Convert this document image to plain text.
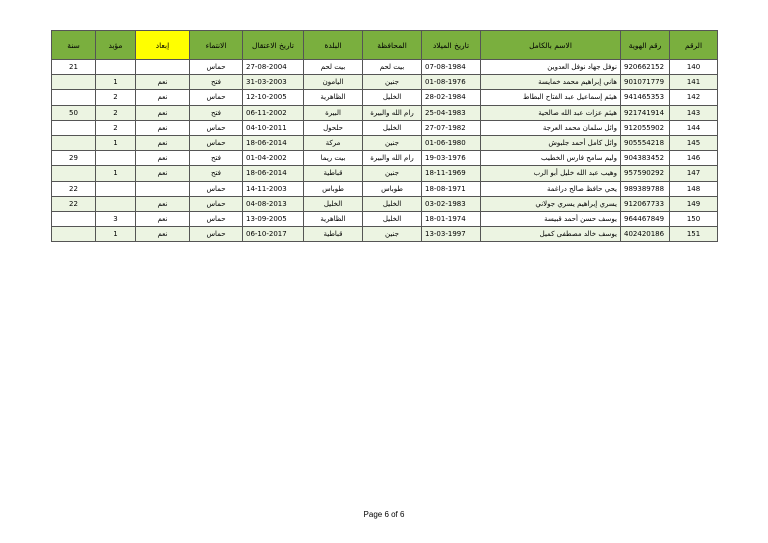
الرقم	رقم الهوية	الاسم بالكامل	تاريخ الميلاد	المحافظة	البلدة	تاريخ الاعتقال	الانتماء	إبعاد	مؤبد	سنة
140	920662152	نوفل جهاد نوفل العدوين	07-08-1984	بيت لحم	بيت لحم	27-08-2004	حماس			21
141	901071779	هاني إبراهيم محمد خمايسة	01-08-1976	جنين	اليامون	31-03-2003	فتح	نعم	1	
142	941465353	هيثم إسماعيل عبد الفتاح البطاط	28-02-1984	الخليل	الظاهرية	12-10-2005	حماس	نعم	2	
143	921741914	هيثم عزات عبد الله صالحية	25-04-1983	رام الله والبيرة	البيرة	06-11-2002	فتح	نعم	2	50
144	912055902	وائل سلمان محمد العرجة	27-07-1982	الخليل	حلحول	04-10-2011	حماس	نعم	2	
145	905554218	وائل كامل أحمد جلبوش	01-06-1980	جنين	مركة	18-06-2014	حماس	نعم	1	
146	904383452	وليم سامح فارس الخطيب	19-03-1976	رام الله والبيرة	بيت ريما	01-04-2002	فتح	نعم		29
147	957590292	وهيب عبد الله خليل أبو الرب	18-11-1969	جنين	قباطية	18-06-2014	فتح	نعم	1	
148	989389788	يحي حافظ صالح دراغمة	18-08-1971	طوباس	طوباس	14-11-2003	حماس			22
149	912067733	يسري إبراهيم يسري جولاني	03-02-1983	الخليل	الخليل	04-08-2013	حماس	نعم		22
150	964467849	يوسف حسن أحمد قبيسة	18-01-1974	الخليل	الظاهرية	13-09-2005	حماس	نعم	3	
151	402420186	يوسف خالد مصطفى كميل	13-03-1997	جنين	قباطية	06-10-2017	حماس	نعم	1	
Page 6 of 6
